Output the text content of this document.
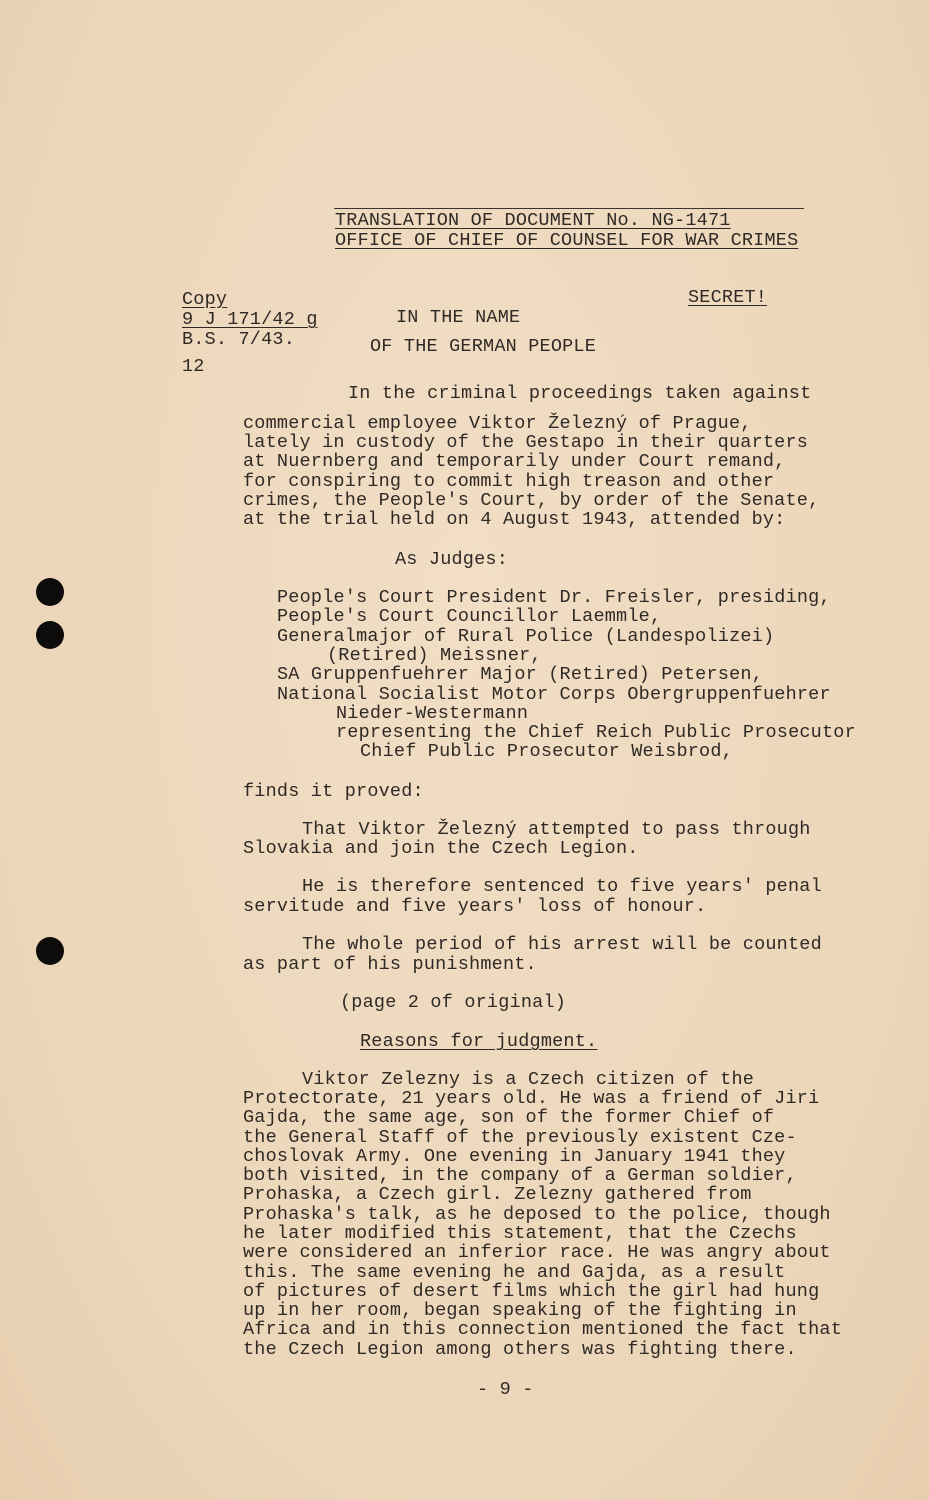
TRANSLATION OF DOCUMENT No. NG-1471
OFFICE OF CHIEF OF COUNSEL FOR WAR CRIMES
Copy
9 J 171/42 g
B.S. 7/43.
12
SECRET!
IN THE NAME
OF THE GERMAN PEOPLE
In the criminal proceedings taken against
commercial employee Viktor Železný of Prague,
lately in custody of the Gestapo in their quarters
at Nuernberg and temporarily under Court remand,
for conspiring to commit high treason and other
crimes, the People's Court, by order of the Senate,
at the trial held on 4 August 1943, attended by:
As Judges:
People's Court President Dr. Freisler, presiding,
People's Court Councillor Laemmle,
Generalmajor of Rural Police (Landespolizei)
(Retired) Meissner,
SA Gruppenfuehrer Major (Retired) Petersen,
National Socialist Motor Corps Obergruppenfuehrer
Nieder-Westermann
representing the Chief Reich Public Prosecutor
Chief Public Prosecutor Weisbrod,
finds it proved:
That Viktor Železný attempted to pass through
Slovakia and join the Czech Legion.
He is therefore sentenced to five years' penal
servitude and five years' loss of honour.
The whole period of his arrest will be counted
as part of his punishment.
(page 2 of original)
Reasons for judgment.
Viktor Zelezny is a Czech citizen of the
Protectorate, 21 years old. He was a friend of Jiri
Gajda, the same age, son of the former Chief of
the General Staff of the previously existent Cze-
choslovak Army. One evening in January 1941 they
both visited, in the company of a German soldier,
Prohaska, a Czech girl. Zelezny gathered from
Prohaska's talk, as he deposed to the police, though
he later modified this statement, that the Czechs
were considered an inferior race. He was angry about
this. The same evening he and Gajda, as a result
of pictures of desert films which the girl had hung
up in her room, began speaking of the fighting in
Africa and in this connection mentioned the fact that
the Czech Legion among others was fighting there.
- 9 -
